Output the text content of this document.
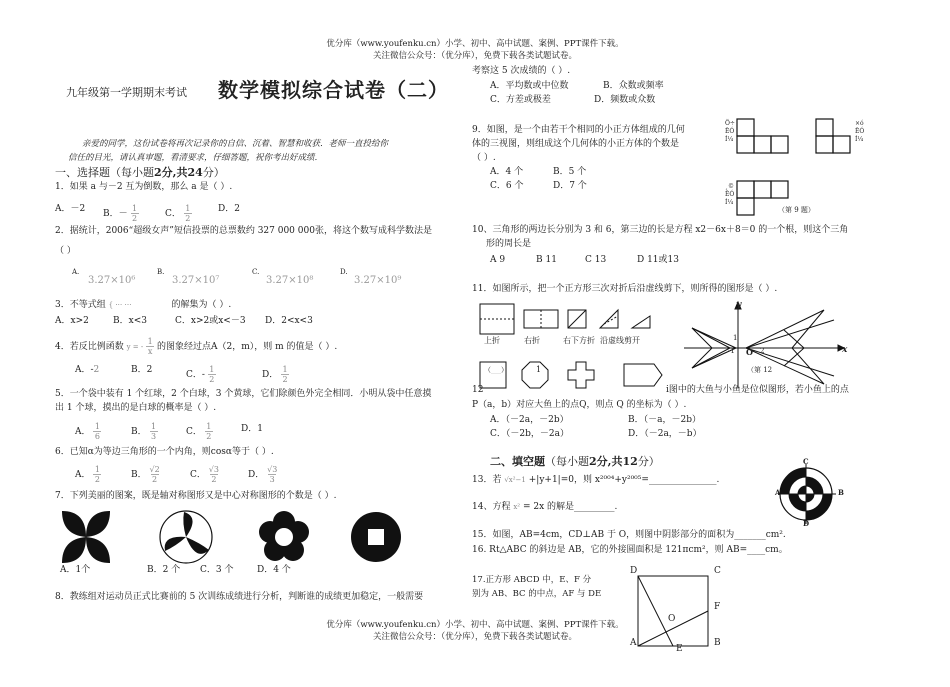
优分库（www.youfenku.cn）小学、初中、高中试题、案例、PPT课件下载。
关注微信公众号：（优分库），免费下载各类试题试卷。
优分库（www.youfenku.cn）小学、初中、高中试题、案例、PPT课件下载。
关注微信公众号：（优分库），免费下载各类试题试卷。
九年级第一学期期末考试 数学模拟综合试卷（二）
亲爱的同学，这份试卷将再次记录你的自信、沉着、智慧和收获．老师一直投给你
信任的目光，请认真审题，看清要求，仔细答题，祝你考出好成绩．
一、选择题（每小题2分,共24分）
1．如果 a 与－2 互为倒数，那么 a 是（ ）.
A．－2 B．－ $\frac{1}{2}$	C． $\frac{1}{2}$	D．2
2．据统计，2006“超级女声”短信投票的总票数约 327 000 000张，将这个数写成科学数法是
（ ）
A.
3.27×10⁶
B.
3.27×10⁷
C.
3.27×10⁸
D.
3.27×10⁹
3．不等式组 { ⋯ ⋯	的解集为（ ）.
A．x>2	B．x<3	C．x>2或x<－3 D．2<x<3
4．若反比例函数 y = - $\frac{1}{x}$ 的图象经过点A（2，m），则 m 的值是（ ）.
A．-2	B．2	C．- $\frac{1}{2}$	D． $\frac{1}{2}$
5．一个袋中装有 1 个红球，2 个白球，3 个黄球，它们除颜色外完全相同．小明从袋中任意摸
出 1 个球，摸出的是白球的概率是（ ）.
A． $\frac{1}{6}$	B． $\frac{1}{3}$	C． $\frac{1}{2}$	D．1
6．已知α为等边三角形的一个内角，则cosα等于（ ）.
A． $\frac{1}{2}$	B． $\frac{√2}{2}$	C． $\frac{√3}{2}$	D． $\frac{√3}{3}$
7．下列美丽的图案，既是轴对称图形又是中心对称图形的个数是（ ）.
A．1个	B．2 个 C．3 个	D．4 个
8．教练组对运动员正式比赛前的 5 次训练成绩进行分析，判断谁的成绩更加稳定，一般需要
考察这 5 次成绩的（ ）.
A．平均数或中位数	B．众数或频率
C．方差或极差	D．频数或众数
9．如图，是一个由若干个相同的小正方体组成的几何
体的三视图，则组成这个几何体的小正方体的个数是
（ ）.
A．4 个	B．5 个
C．6 个	D．7 个
Ö÷
ÊÓ
Í¼
×ó
ÊÓ
Í¼
¸©
ÊÓ
Í¼
（第 9 题）
10、三角形的两边长分别为 3 和 6，第三边的长是方程 x2－6x＋8＝0 的一个根，则这个三角
形的周长是
A 9	B 11	C 13	D 11或13
11．如图所示，把一个正方形三次对折后沿虚线剪下，则所得的图形是（ ）.
上折	右折	右下方折 沿虚线剪开
（____）	1
y
x
O
1
-1	2
（第 12
12	i图中的大鱼与小鱼是位似图形，若小鱼上的点
P（a，b）对应大鱼上的点Q，则点 Q 的坐标为（ ）.
A．（－2a，－2b）	B．（－a，－2b）
C．（－2b，－2a）	D．（－2a，－b）
二、填空题（每小题2分,共12分）
13．若 √x²−1 +|y+1|=0，则 x²⁰⁰⁴+y²⁰⁰⁵=_______________.
14、方程 x² = 2x 的解是_________.
15．如图，AB=4cm，CD⊥AB 于 O，则图中阴影部分的面积为_______cm².
16. Rt△ABC 的斜边是 AB，它的外接圆面积是 121πcm²，则 AB=____cm。
C
A	B
D
17.正方形 ABCD 中，E、F 分
别为 AB、BC 的中点，AF 与 DE
D	C
F
O
A	B
E
